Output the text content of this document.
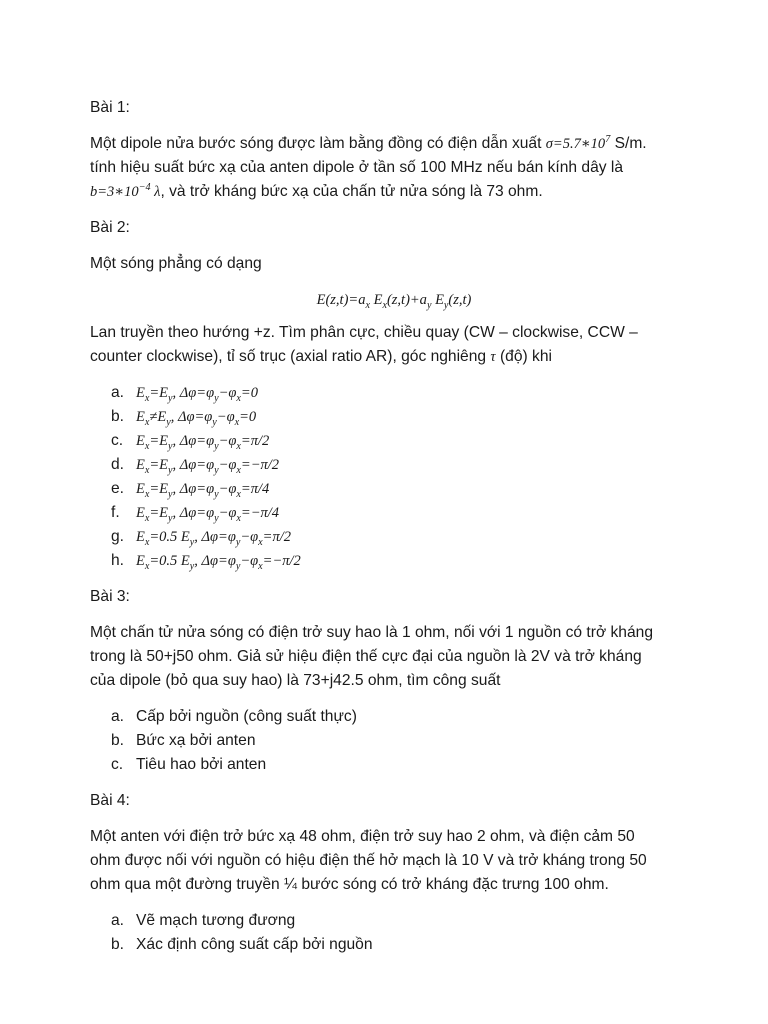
Bài 1:
Một dipole nửa bước sóng được làm bằng đồng có điện dẫn xuất $\sigma=5.7∗10^7$ S/m.
tính hiệu suất bức xạ của anten dipole ở tần số 100 MHz nếu bán kính dây là
$b=3∗10^{-4}$ λ, và trở kháng bức xạ của chấn tử nửa sóng là 73 ohm.
Bài 2:
Một sóng phẳng có dạng
$E(z,t)=a_x$ $E_x(z,t)+a_y$ $E_y(z,t)$
Lan truyền theo hướng +z. Tìm phân cực, chiều quay (CW – clockwise, CCW –
counter clockwise), tỉ số trục (axial ratio AR), góc nghiêng τ (độ) khi
a. $E_x=E_y$, $\Delta\varphi=\varphi_y-\varphi_x=0$
b. $E_x\ne E_y$, $\Delta\varphi=\varphi_y-\varphi_x=0$
c. $E_x=E_y$, $\Delta\varphi=\varphi_y-\varphi_x=\pi/2$
d. $E_x=E_y$, $\Delta\varphi=\varphi_y-\varphi_x=-\pi/2$
e. $E_x=E_y$, $\Delta\varphi=\varphi_y-\varphi_x=\pi/4$
f.	$E_x=E_y$, $\Delta\varphi=\varphi_y-\varphi_x=-\pi/4$
g. $E_x=0.5$ $E_y$, $\Delta\varphi=\varphi_y-\varphi_x=\pi/2$
h. $E_x=0.5$ $E_y$, $\Delta\varphi=\varphi_y-\varphi_x=-\pi/2$
Bài 3:
Một chấn tử nửa sóng có điện trở suy hao là 1 ohm, nối với 1 nguồn có trở kháng
trong là 50+j50 ohm. Giả sử hiệu điện thế cực đại của nguồn là 2V và trở kháng
của dipole (bỏ qua suy hao) là 73+j42.5 ohm, tìm công suất
a. Cấp bởi nguồn (công suất thực)
b. Bức xạ bởi anten
c. Tiêu hao bởi anten
Bài 4:
Một anten với điện trở bức xạ 48 ohm, điện trở suy hao 2 ohm, và điện cảm 50
ohm được nối với nguồn có hiệu điện thế hở mạch là 10 V và trở kháng trong 50
ohm qua một đường truyền ¼ bước sóng có trở kháng đặc trưng 100 ohm.
a. Vẽ mạch tương đương
b. Xác định công suất cấp bởi nguồn
